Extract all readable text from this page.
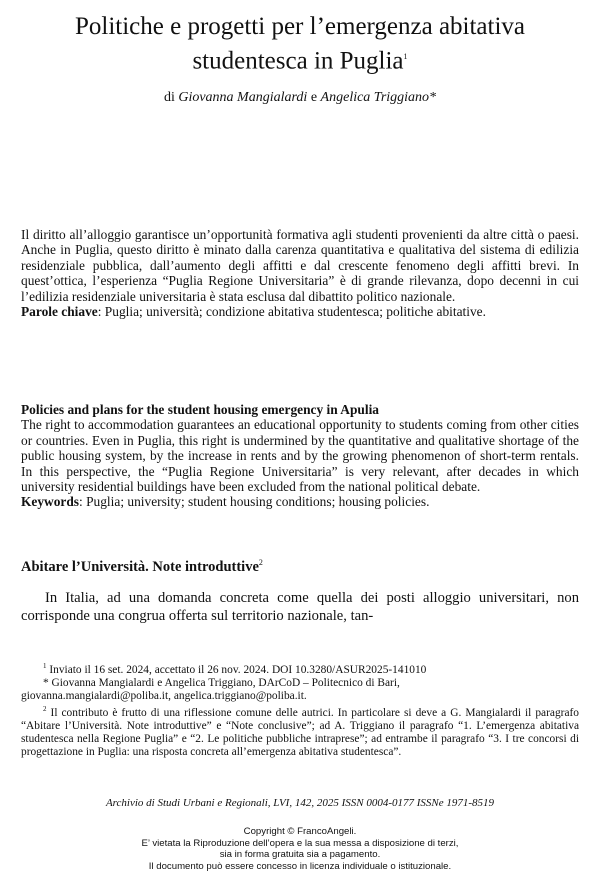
Politiche e progetti per l’emergenza abitativa studentesca in Puglia$^1$
di Giovanna Mangialardi e Angelica Triggiano*

Il diritto all’alloggio garantisce un’opportunità formativa agli studenti provenienti da altre città o paesi. Anche in Puglia, questo diritto è minato dalla carenza quantitativa e qualitativa del sistema di edilizia residenziale pubblica, dall’aumento degli affitti e dal crescente fenomeno degli affitti brevi. In quest’ottica, l’esperienza “Puglia Regione Universitaria” è di grande rilevanza, dopo decenni in cui l’edilizia residenziale universitaria è stata esclusa dal dibattito politico nazionale.

Parole chiave: Puglia; università; condizione abitativa studentesca; politiche abitative.

Policies and plans for the student housing emergency in Apulia

The right to accommodation guarantees an educational opportunity to students coming from other cities or countries. Even in Puglia, this right is undermined by the quantitative and qualitative shortage of the public housing system, by the increase in rents and by the growing phenomenon of short-term rentals. In this perspective, the “Puglia Regione Universitaria” is very relevant, after decades in which university residential buildings have been excluded from the national political debate.

Keywords: Puglia; university; student housing conditions; housing policies.

Abitare l’Università. Note introduttive$^2$

In Italia, ad una domanda concreta come quella dei posti alloggio universitari, non corrisponde una congrua offerta sul territorio nazionale, tan-

$^1$ Inviato il 16 set. 2024, accettato il 26 nov. 2024. DOI 10.3280/ASUR2025-141010

* Giovanna Mangialardi e Angelica Triggiano, DArCoD – Politecnico di Bari,

giovanna.mangialardi@poliba.it, angelica.triggiano@poliba.it.

$^2$ Il contributo è frutto di una riflessione comune delle autrici. In particolare si deve a G. Mangialardi il paragrafo “Abitare l’Università. Note introduttive” e “Note conclusive”; ad A. Triggiano il paragrafo “1. L’emergenza abitativa studentesca nella Regione Puglia” e “2. Le politiche pubbliche intraprese”; ad entrambe il paragrafo “3. I tre concorsi di progettazione in Puglia: una risposta concreta all’emergenza abitativa studentesca”.

Archivio di Studi Urbani e Regionali, LVI, 142, 2025 ISSN 0004-0177 ISSNe 1971-8519
Copyright © FrancoAngeli.
E’ vietata la Riproduzione dell’opera e la sua messa a disposizione di terzi,
sia in forma gratuita sia a pagamento.
Il documento può essere concesso in licenza individuale o istituzionale.
